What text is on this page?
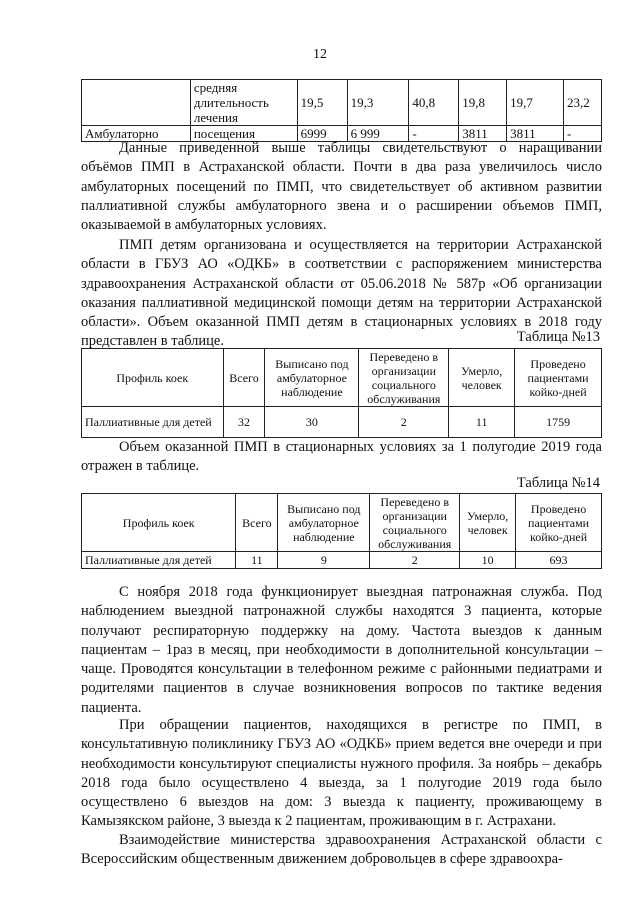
12
	средняя длительность лечения	19,5	19,3	40,8	19,8	19,7	23,2
Амбулаторно	посещения	6999	6 999	-	3811	3811	-
Данные приведенной выше таблицы свидетельствуют о наращивании объёмов ПМП в Астраханской области. Почти в два раза увеличилось число амбулаторных посещений по ПМП, что свидетельствует об активном развитии паллиативной службы амбулаторного звена и о расширении объемов ПМП, оказываемой в амбулаторных условиях.
ПМП детям организована и осуществляется на территории Астраханской области в ГБУЗ АО «ОДКБ» в соответствии с распоряжением министерства здравоохранения Астраханской области от 05.06.2018 № 587р «Об организации оказания паллиативной медицинской помощи детям на территории Астраханской области». Объем оказанной ПМП детям в стационарных условиях в 2018 году представлен в таблице.	Таблица №13
Профиль коек	Всего	Выписано под амбулаторное наблюдение	Переведено в организации социального обслуживания	Умерло, человек	Проведено пациентами койко-дней
Паллиативные для детей	32	30	2	11	1759
Объем оказанной ПМП в стационарных условиях за 1 полугодие 2019 года отражен в таблице.
Таблица №14
Профиль коек	Всего	Выписано под амбулаторное наблюдение	Переведено в организации социального обслуживания	Умерло, человек	Проведено пациентами койко-дней
Паллиативные для детей	11	9	2	10	693
С ноября 2018 года функционирует выездная патронажная служба. Под наблюдением выездной патронажной службы находятся 3 пациента, которые получают респираторную поддержку на дому. Частота выездов к данным пациентам – 1раз в месяц, при необходимости в дополнительной консультации – чаще. Проводятся консультации в телефонном режиме с районными педиатрами и родителями пациентов в случае возникновения вопросов по тактике ведения пациента.
При обращении пациентов, находящихся в регистре по ПМП, в консультативную поликлинику ГБУЗ АО «ОДКБ» прием ведется вне очереди и при необходимости консультируют специалисты нужного профиля. За ноябрь – декабрь 2018 года было осуществлено 4 выезда, за 1 полугодие 2019 года было осуществлено 6 выездов на дом: 3 выезда к пациенту, проживающему в Камызякском районе, 3 выезда к 2 пациентам, проживающим в г. Астрахани.
Взаимодействие министерства здравоохранения Астраханской области с Всероссийским общественным движением добровольцев в сфере здравоохра-
